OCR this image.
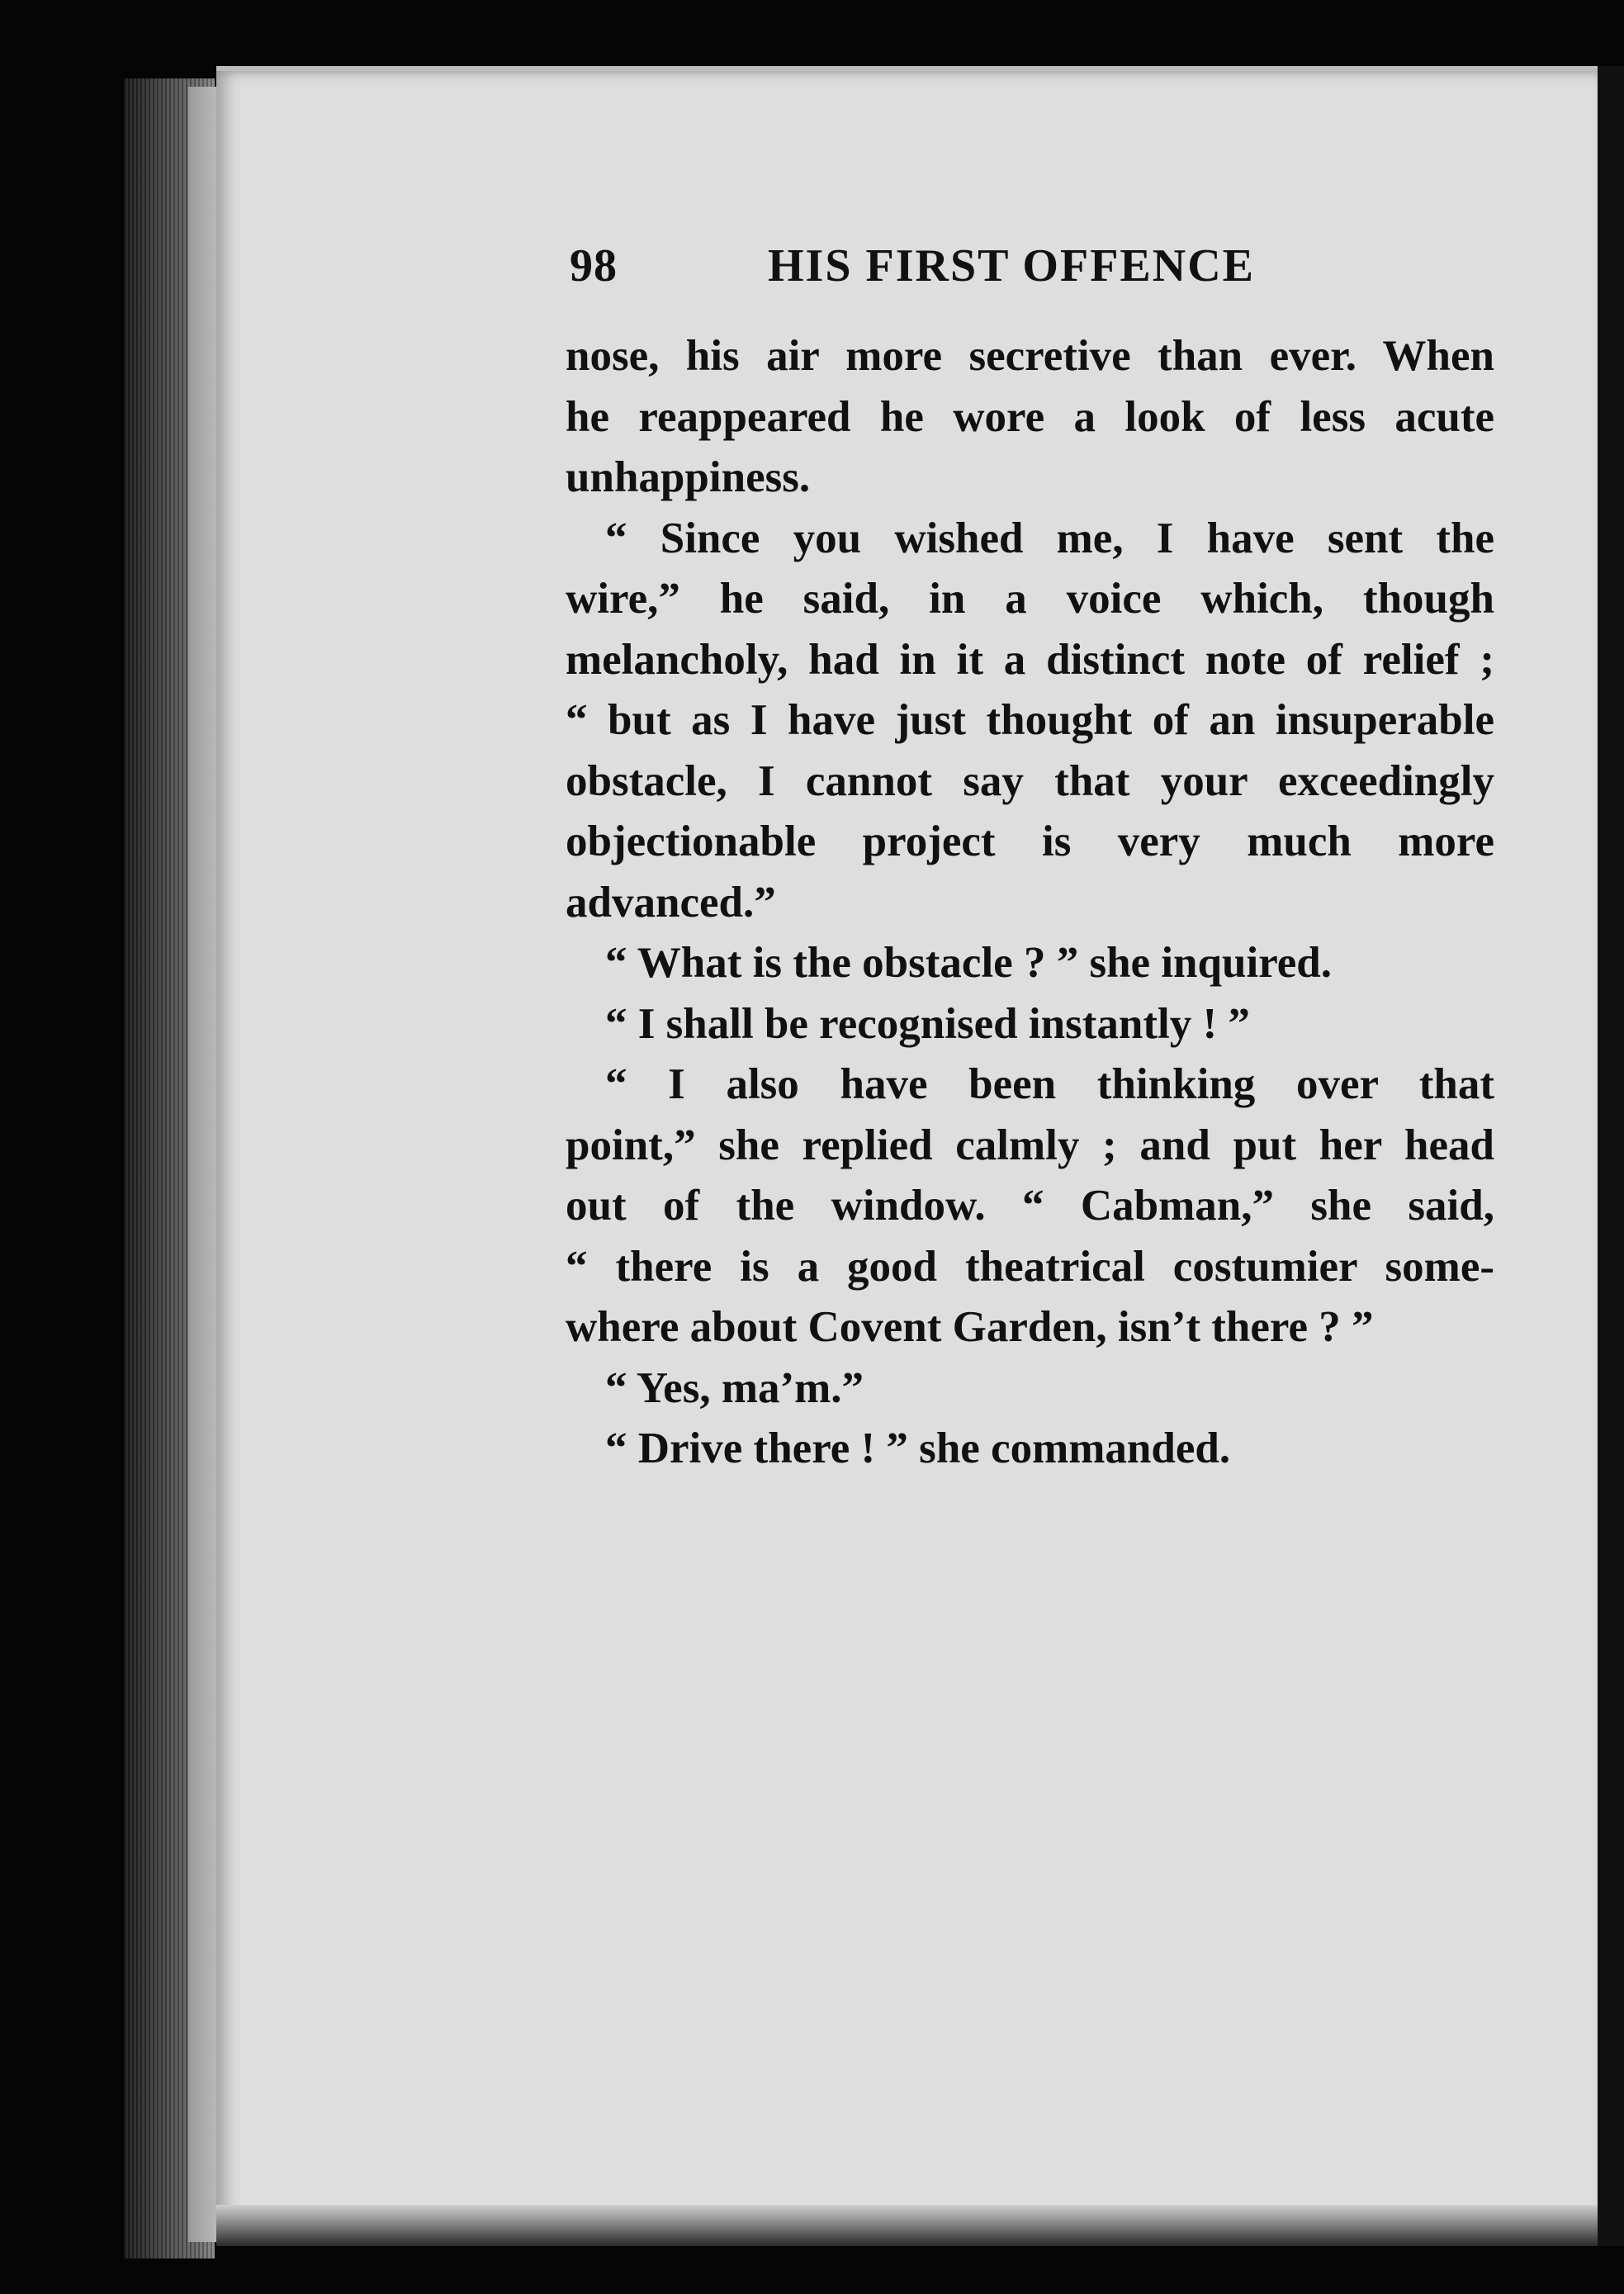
98	HIS FIRST OFFENCE
nose, his air more secretive than ever. When
he reappeared he wore a look of less acute
unhappiness.
“ Since you wished me, I have sent the
wire,” he said, in a voice which, though
melancholy, had in it a distinct note of relief ;
“ but as I have just thought of an insuperable
obstacle, I cannot say that your exceedingly
objectionable project is very much more
advanced.”
“ What is the obstacle ? ” she inquired.
“ I shall be recognised instantly ! ”
“ I also have been thinking over that
point,” she replied calmly ; and put her head
out of the window. “ Cabman,” she said,
“ there is a good theatrical costumier some-
where about Covent Garden, isn’t there ? ”
“ Yes, ma’m.”
“ Drive there ! ” she commanded.
